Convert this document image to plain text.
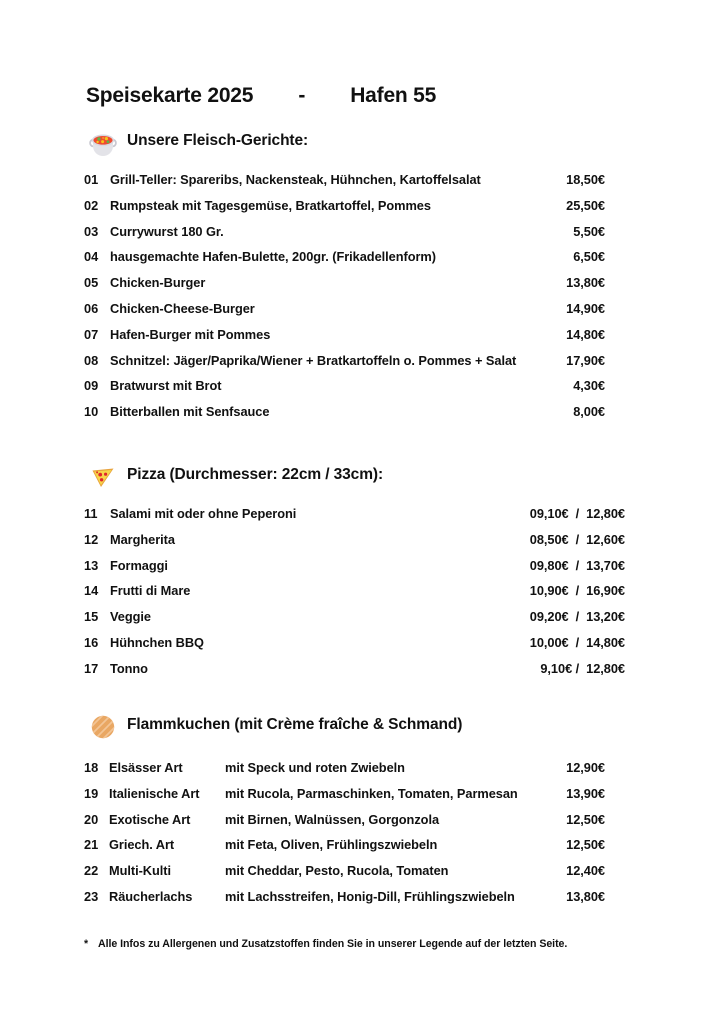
Speisekarte 2025        -        Hafen 55
Unsere Fleisch-Gerichte:
01 Grill-Teller: Spareribs, Nackensteak, Hühnchen, Kartoffelsalat	18,50€
02 Rumpsteak mit Tagesgemüse, Bratkartoffel, Pommes	25,50€
03 Currywurst 180 Gr.	5,50€
04 hausgemachte Hafen-Bulette, 200gr. (Frikadellenform)	6,50€
05 Chicken-Burger	13,80€
06 Chicken-Cheese-Burger	14,90€
07 Hafen-Burger mit Pommes	14,80€
08 Schnitzel: Jäger/Paprika/Wiener + Bratkartoffeln o. Pommes + Salat	17,90€
09 Bratwurst mit Brot	4,30€
10 Bitterballen mit Senfsauce	8,00€
Pizza (Durchmesser: 22cm / 33cm):
11 Salami mit oder ohne Peperoni	09,10€  /  12,80€
12 Margherita	08,50€  /  12,60€
13 Formaggi	09,80€  /  13,70€
14 Frutti di Mare	10,90€  /  16,90€
15 Veggie	09,20€  /  13,20€
16 Hühnchen BBQ	10,00€  /  14,80€
17 Tonno	9,10€ /  12,80€
Flammkuchen (mit Crème fraîche & Schmand)
18 Elsässer Art	mit Speck und roten Zwiebeln	12,90€
19 Italienische Art	mit Rucola, Parmaschinken, Tomaten, Parmesan	13,90€
20 Exotische Art	mit Birnen, Walnüssen, Gorgonzola	12,50€
21 Griech. Art	mit Feta, Oliven, Frühlingszwiebeln	12,50€
22 Multi-Kulti	mit Cheddar, Pesto, Rucola, Tomaten	12,40€
23 Räucherlachs	mit Lachsstreifen, Honig-Dill, Frühlingszwiebeln	13,80€
* Alle Infos zu Allergenen und Zusatzstoffen finden Sie in unserer Legende auf der letzten Seite.
